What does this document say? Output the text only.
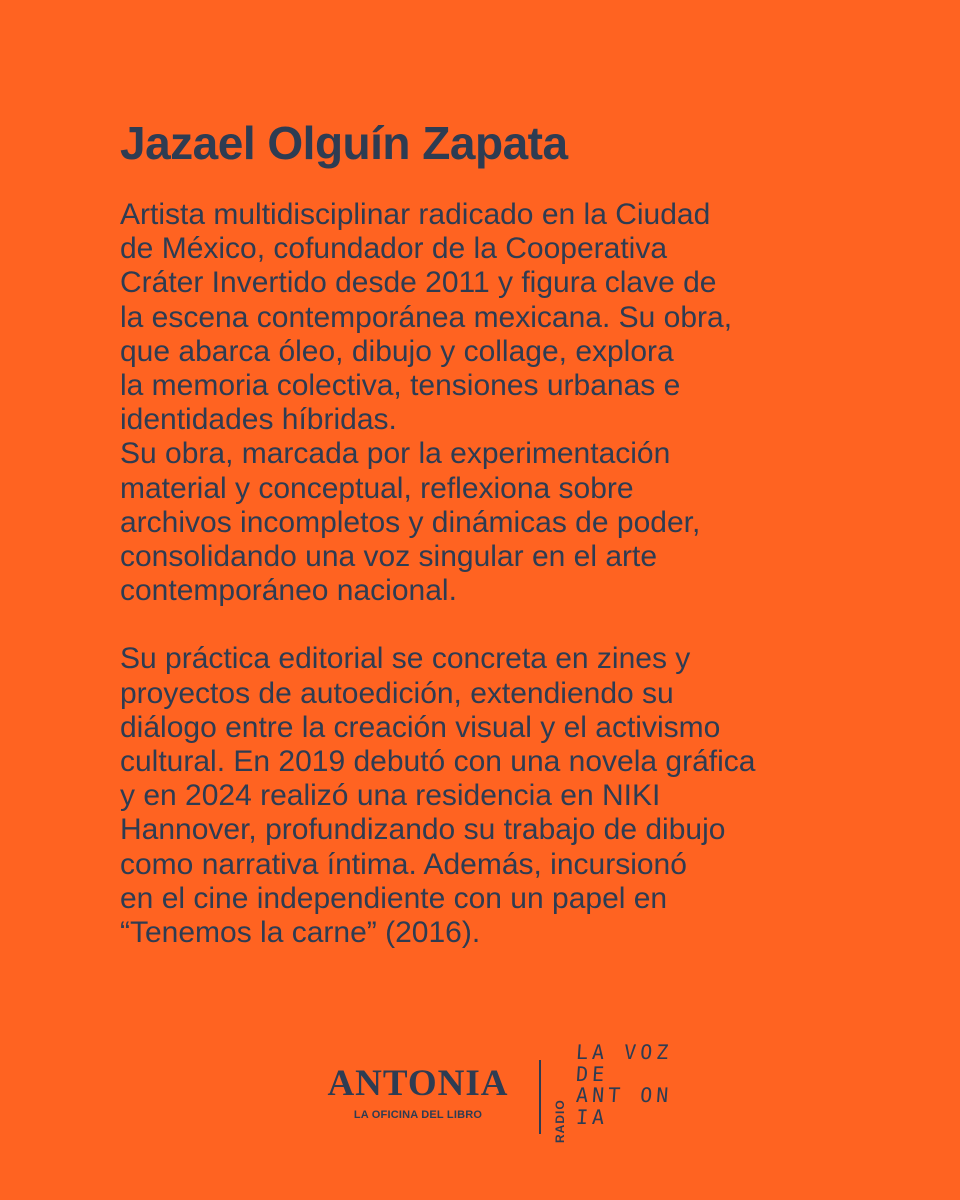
Jazael Olguín Zapata
Artista multidisciplinar radicado en la Ciudad
de México, cofundador de la Cooperativa
Cráter Invertido desde 2011 y figura clave de
la escena contemporánea mexicana. Su obra,
que abarca óleo, dibujo y collage, explora
la memoria colectiva, tensiones urbanas e
identidades híbridas.
Su obra, marcada por la experimentación
material y conceptual, reflexiona sobre
archivos incompletos y dinámicas de poder,
consolidando una voz singular en el arte
contemporáneo nacional.
Su práctica editorial se concreta en zines y
proyectos de autoedición, extendiendo su
diálogo entre la creación visual y el activismo
cultural. En 2019 debutó con una novela gráfica
y en 2024 realizó una residencia en NIKI
Hannover, profundizando su trabajo de dibujo
como narrativa íntima. Además, incursionó
en el cine independiente con un papel en
“Tenemos la carne” (2016).
ANTONIA
LA OFICINA DEL LIBRO	RADIO
LA VOZ
DE
ANT ON
IA
